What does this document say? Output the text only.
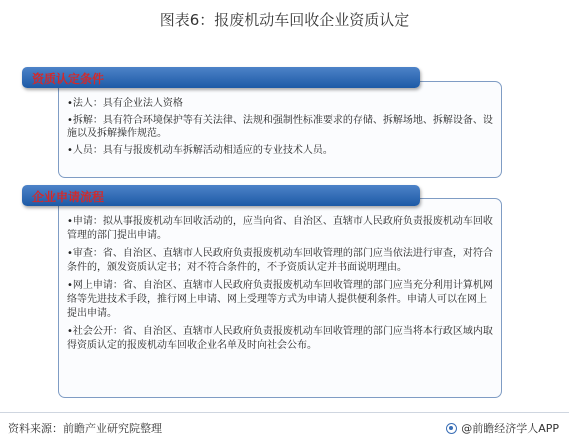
图表6：报废机动车回收企业资质认定
•法人：具有企业法人资格
•拆解：具有符合环境保护等有关法律、法规和强制性标准要求的存储、拆解场地、拆解设备、设施以及拆解操作规范。
•人员：具有与报废机动车拆解活动相适应的专业技术人员。
资质认定条件
•申请：拟从事报废机动车回收活动的，应当向省、自治区、直辖市人民政府负责报废机动车回收管理的部门提出申请。
•审查：省、自治区、直辖市人民政府负责报废机动车回收管理的部门应当依法进行审查，对符合条件的，颁发资质认定书；对不符合条件的，不予资质认定并书面说明理由。
•网上申请：省、自治区、直辖市人民政府负责报废机动车回收管理的部门应当充分利用计算机网络等先进技术手段，推行网上申请、网上受理等方式为申请人提供便利条件。申请人可以在网上提出申请。
•社会公开：省、自治区、直辖市人民政府负责报废机动车回收管理的部门应当将本行政区域内取得资质认定的报废机动车回收企业名单及时向社会公布。
企业申请流程
资料来源：前瞻产业研究院整理	@前瞻经济学人APP
